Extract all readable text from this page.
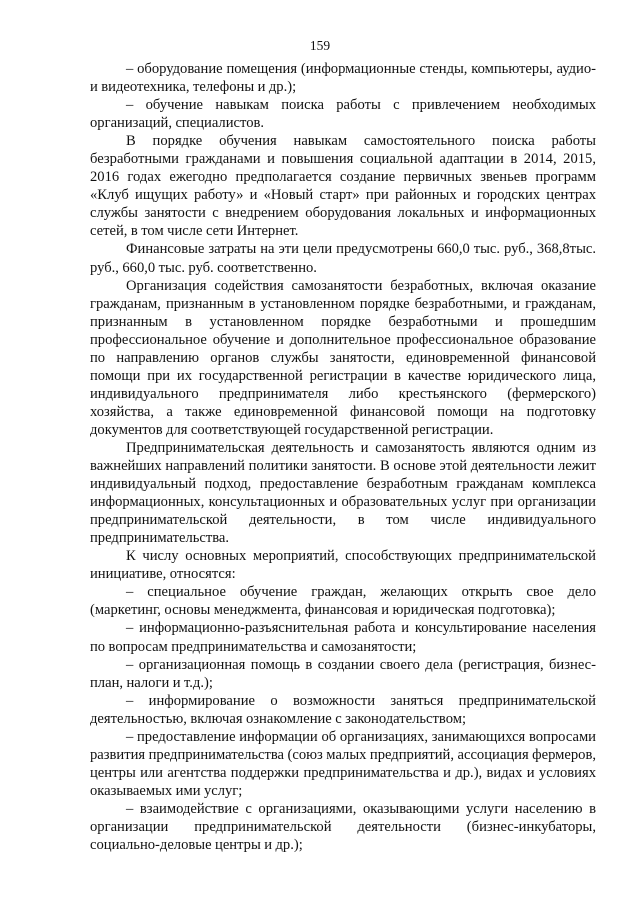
159

– оборудование помещения (информационные стенды, компьютеры, аудио- и видеотехника, телефоны и др.);

– обучение навыкам поиска работы с привлечением необходимых организаций, специалистов.

В порядке обучения навыкам самостоятельного поиска работы безработными гражданами и повышения социальной адаптации в 2014, 2015, 2016 годах ежегодно предполагается создание первичных звеньев программ «Клуб ищущих работу» и «Новый старт» при районных и городских центрах службы занятости с внедрением оборудования локальных и информационных сетей, в том числе сети Интернет.

Финансовые затраты на эти цели предусмотрены 660,0 тыс. руб., 368,8тыс. руб., 660,0 тыс. руб. соответственно.

Организация содействия самозанятости безработных, включая оказание гражданам, признанным в установленном порядке безработными, и гражданам, признанным в установленном порядке безработными и прошедшим профессиональное обучение и дополнительное профессиональное образование по направлению органов службы занятости, единовременной финансовой помощи при их государственной регистрации в качестве юридического лица, индивидуального предпринимателя либо крестьянского (фермерского) хозяйства, а также единовременной финансовой помощи на подготовку документов для соответствующей государственной регистрации.

Предпринимательская деятельность и самозанятость являются одним из важнейших направлений политики занятости. В основе этой деятельности лежит индивидуальный подход, предоставление безработным гражданам комплекса информационных, консультационных и образовательных услуг при организации предпринимательской деятельности, в том числе индивидуального предпринимательства.

К числу основных мероприятий, способствующих предпринимательской инициативе, относятся:

– специальное обучение граждан, желающих открыть свое дело (маркетинг, основы менеджмента, финансовая и юридическая подготовка);

– информационно-разъяснительная работа и консультирование населения по вопросам предпринимательства и самозанятости;

– организационная помощь в создании своего дела (регистрация, бизнес-план, налоги и т.д.);

– информирование о возможности заняться предпринимательской деятельностью, включая ознакомление с законодательством;

– предоставление информации об организациях, занимающихся вопросами развития предпринимательства (союз малых предприятий, ассоциация фермеров, центры или агентства поддержки предпринимательства и др.), видах и условиях оказываемых ими услуг;

– взаимодействие с организациями, оказывающими услуги населению в организации предпринимательской деятельности (бизнес-инкубаторы, социально-деловые центры и др.);
